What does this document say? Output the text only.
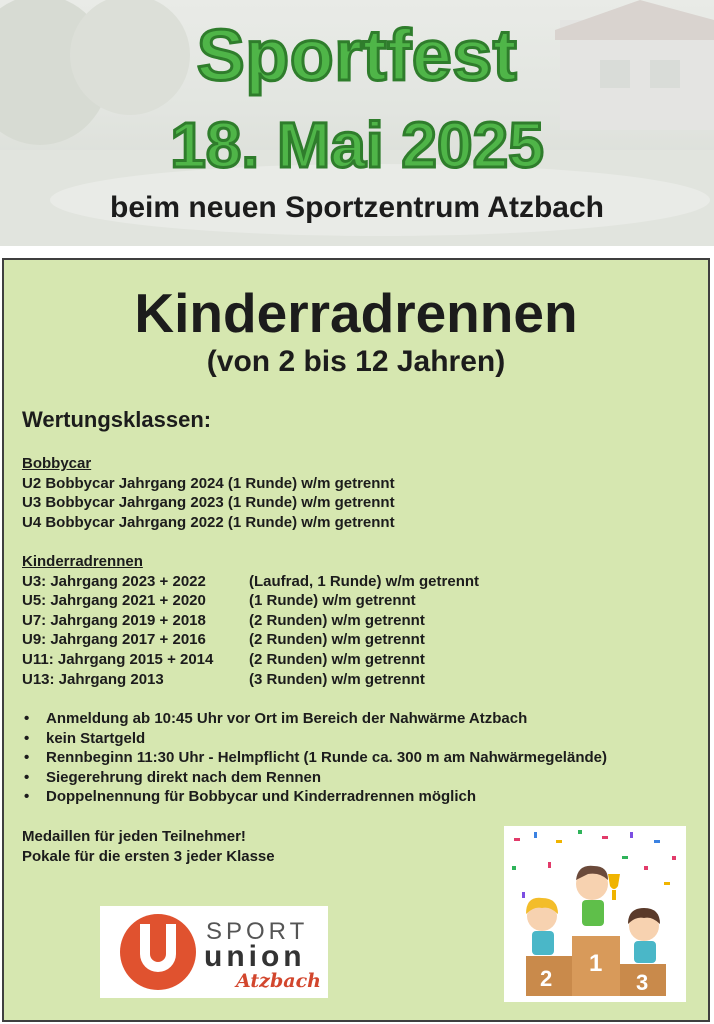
Sportfest
18. Mai 2025
beim neuen Sportzentrum Atzbach
Kinderradrennen
(von 2 bis 12 Jahren)
Wertungsklassen:
Bobbycar
U2 Bobbycar Jahrgang 2024 (1 Runde) w/m getrennt
U3 Bobbycar Jahrgang 2023 (1 Runde) w/m getrennt
U4 Bobbycar Jahrgang 2022 (1 Runde) w/m getrennt
Kinderradrennen
U3: Jahrgang 2023 + 2022	(Laufrad, 1 Runde) w/m getrennt
U5: Jahrgang 2021 + 2020	(1 Runde) w/m getrennt
U7: Jahrgang 2019 + 2018	(2 Runden) w/m getrennt
U9: Jahrgang 2017 + 2016	(2 Runden) w/m getrennt
U11: Jahrgang 2015 + 2014	(2 Runden) w/m getrennt
U13: Jahrgang 2013	(3 Runden) w/m getrennt
• Anmeldung ab 10:45 Uhr vor Ort im Bereich der Nahwärme Atzbach
• kein Startgeld
• Rennbeginn 11:30 Uhr - Helmpflicht (1 Runde ca. 300 m am Nahwärmegelände)
• Siegerehrung direkt nach dem Rennen
• Doppelnennung für Bobbycar und Kinderradrennen möglich
Medaillen für jeden Teilnehmer!
Pokale für die ersten 3 jeder Klasse
SPORT
union
Atzbach	2
1
3
